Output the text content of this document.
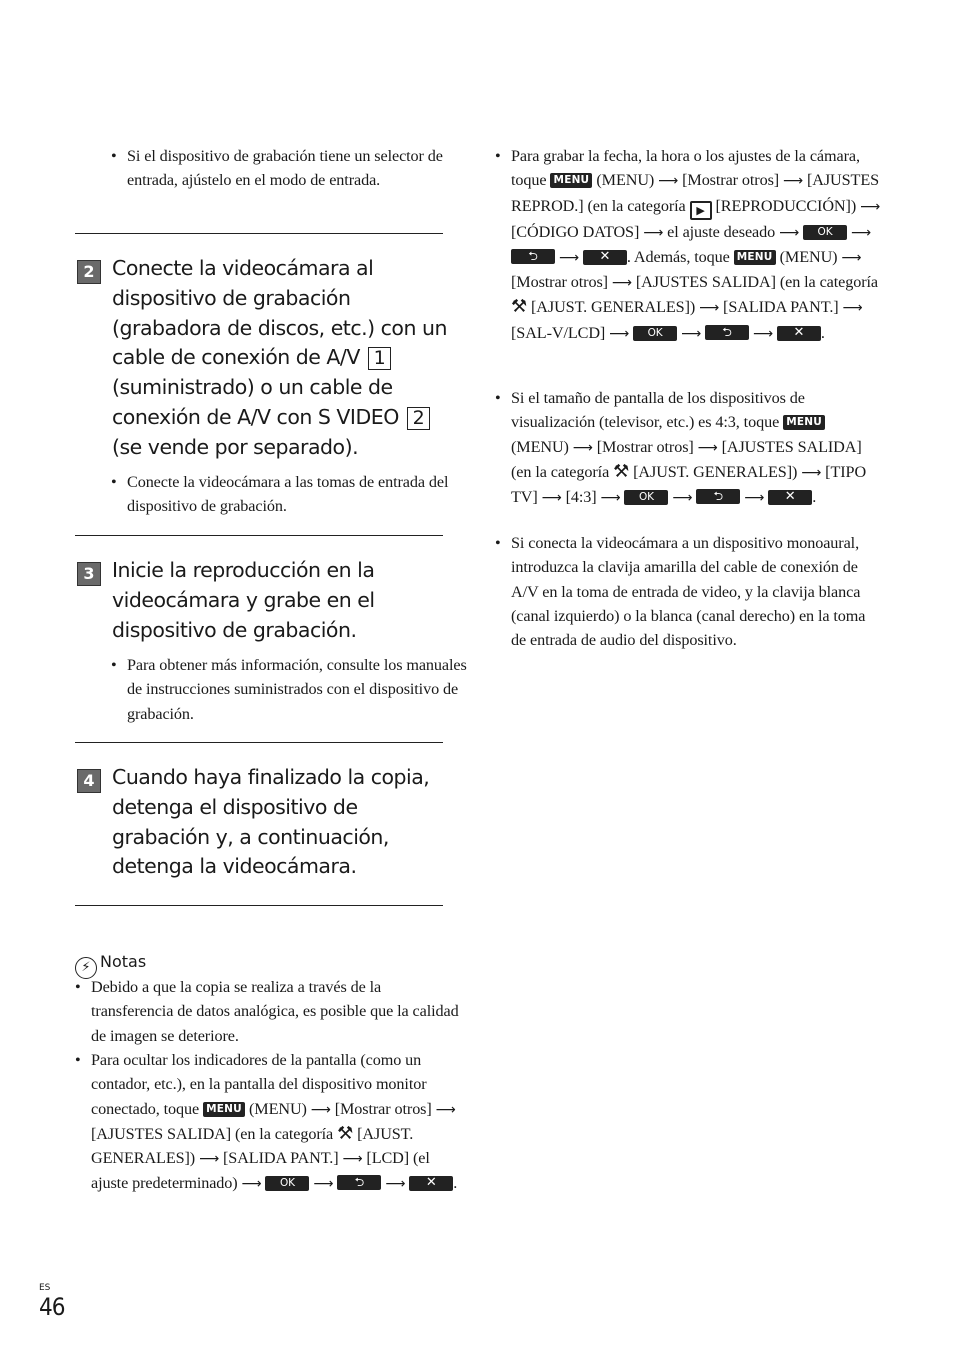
• Si el dispositivo de grabación tiene un selector de entrada, ajústelo en el modo de entrada.
2 Conecte la videocámara al dispositivo de grabación (grabadora de discos, etc.) con un cable de conexión de A/V 1 (suministrado) o un cable de conexión de A/V con S VIDEO 2 (se vende por separado).
• Conecte la videocámara a las tomas de entrada del dispositivo de grabación.
3 Inicie la reproducción en la videocámara y grabe en el dispositivo de grabación.
• Para obtener más información, consulte los manuales de instrucciones suministrados con el dispositivo de grabación.
4 Cuando haya finalizado la copia, detenga el dispositivo de grabación y, a continuación, detenga la videocámara.
⚡ Notas
• Debido a que la copia se realiza a través de la transferencia de datos analógica, es posible que la calidad de imagen se deteriore.
• Para ocultar los indicadores de la pantalla (como un contador, etc.), en la pantalla del dispositivo monitor conectado, toque MENU (MENU) ⟶ [Mostrar otros] ⟶ [AJUSTES SALIDA] (en la categoría ⚒ [AJUST. GENERALES]) ⟶ [SALIDA PANT.] ⟶ [LCD] (el ajuste predeterminado) ⟶ OK ⟶ ⮌ ⟶ ✕ .
• Para grabar la fecha, la hora o los ajustes de la cámara, toque MENU (MENU) ⟶ [Mostrar otros] ⟶ [AJUSTES REPROD.] (en la categoría ▶ [REPRODUCCIÓN]) ⟶ [CÓDIGO DATOS] ⟶ el ajuste deseado ⟶ OK ⟶ ⮌ ⟶ ✕ . Además, toque MENU (MENU) ⟶ [Mostrar otros] ⟶ [AJUSTES SALIDA] (en la categoría ⚒ [AJUST. GENERALES]) ⟶ [SALIDA PANT.] ⟶ [SAL-V/LCD] ⟶ OK ⟶ ⮌ ⟶ ✕ .
• Si el tamaño de pantalla de los dispositivos de visualización (televisor, etc.) es 4:3, toque MENU (MENU) ⟶ [Mostrar otros] ⟶ [AJUSTES SALIDA] (en la categoría ⚒ [AJUST. GENERALES]) ⟶ [TIPO TV] ⟶ [4:3] ⟶ OK ⟶ ⮌ ⟶ ✕ .
• Si conecta la videocámara a un dispositivo monoaural, introduzca la clavija amarilla del cable de conexión de A/V en la toma de entrada de video, y la clavija blanca (canal izquierdo) o la blanca (canal derecho) en la toma de entrada de audio del dispositivo.
ES
46
